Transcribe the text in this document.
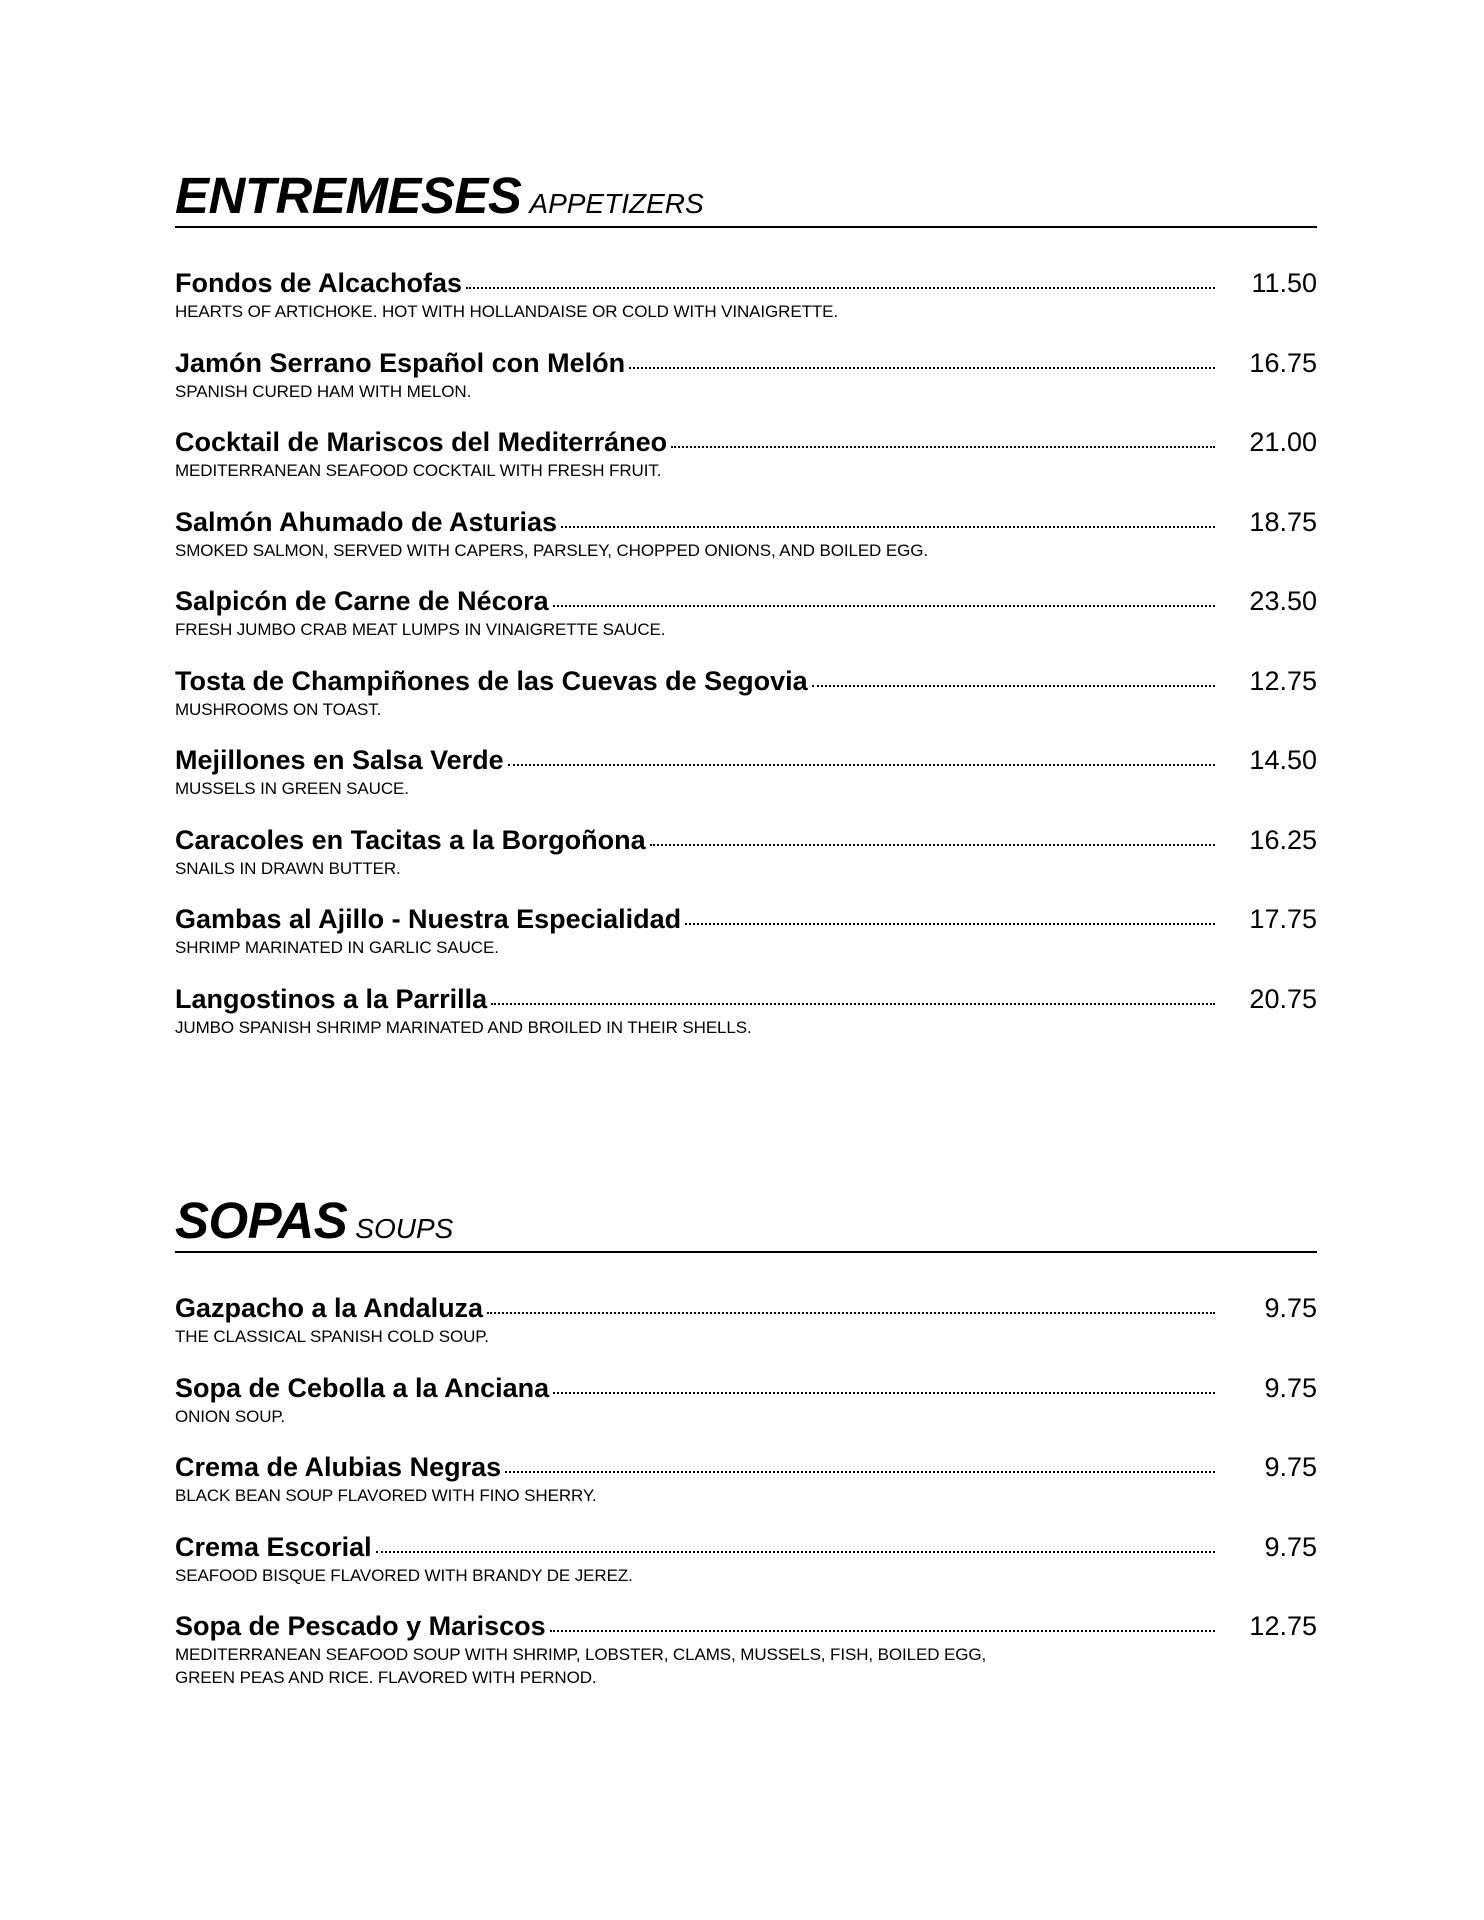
ENTREMESES APPETIZERS
Fondos de Alcachofas	11.50
HEARTS OF ARTICHOKE. HOT WITH HOLLANDAISE OR COLD WITH VINAIGRETTE.
Jamón Serrano Español con Melón	16.75
SPANISH CURED HAM WITH MELON.
Cocktail de Mariscos del Mediterráneo	21.00
MEDITERRANEAN SEAFOOD COCKTAIL WITH FRESH FRUIT.
Salmón Ahumado de Asturias	18.75
SMOKED SALMON, SERVED WITH CAPERS, PARSLEY, CHOPPED ONIONS, AND BOILED EGG.
Salpicón de Carne de Nécora	23.50
FRESH JUMBO CRAB MEAT LUMPS IN VINAIGRETTE SAUCE.
Tosta de Champiñones de las Cuevas de Segovia	12.75
MUSHROOMS ON TOAST.
Mejillones en Salsa Verde	14.50
MUSSELS IN GREEN SAUCE.
Caracoles en Tacitas a la Borgoñona	16.25
SNAILS IN DRAWN BUTTER.
Gambas al Ajillo - Nuestra Especialidad	17.75
SHRIMP MARINATED IN GARLIC SAUCE.
Langostinos a la Parrilla	20.75
JUMBO SPANISH SHRIMP MARINATED AND BROILED IN THEIR SHELLS.
SOPAS SOUPS
Gazpacho a la Andaluza	9.75
THE CLASSICAL SPANISH COLD SOUP.
Sopa de Cebolla a la Anciana	9.75
ONION SOUP.
Crema de Alubias Negras	9.75
BLACK BEAN SOUP FLAVORED WITH FINO SHERRY.
Crema Escorial	9.75
SEAFOOD BISQUE FLAVORED WITH BRANDY DE JEREZ.
Sopa de Pescado y Mariscos	12.75
MEDITERRANEAN SEAFOOD SOUP WITH SHRIMP, LOBSTER, CLAMS, MUSSELS, FISH, BOILED EGG,
GREEN PEAS AND RICE. FLAVORED WITH PERNOD.
